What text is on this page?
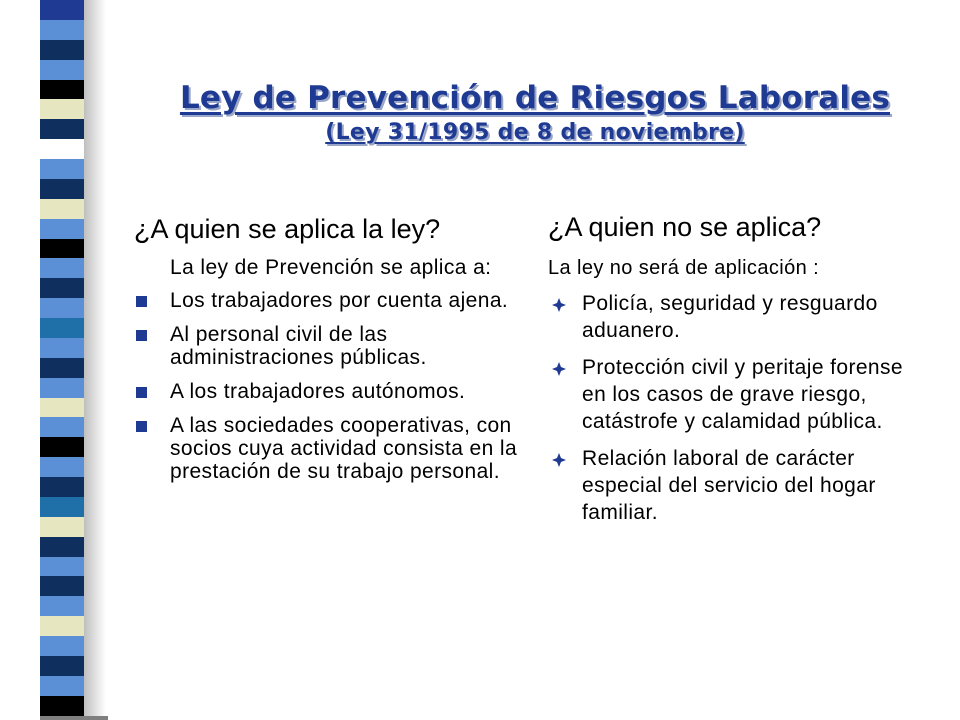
Ley de Prevención de Riesgos Laborales
(Ley 31/1995 de 8 de noviembre)
¿A quien se aplica la ley?
La ley de Prevención se aplica a:
Los trabajadores por cuenta ajena.
Al personal civil de las administraciones públicas.
A los trabajadores autónomos.
A las sociedades cooperativas, con socios cuya actividad consista en la prestación de su trabajo personal.
¿A quien no se aplica?
La ley no será de aplicación :
Policía, seguridad y resguardo aduanero.
Protección civil y peritaje forense en los casos de grave riesgo, catástrofe y calamidad pública.
Relación laboral de carácter especial del servicio del hogar familiar.
